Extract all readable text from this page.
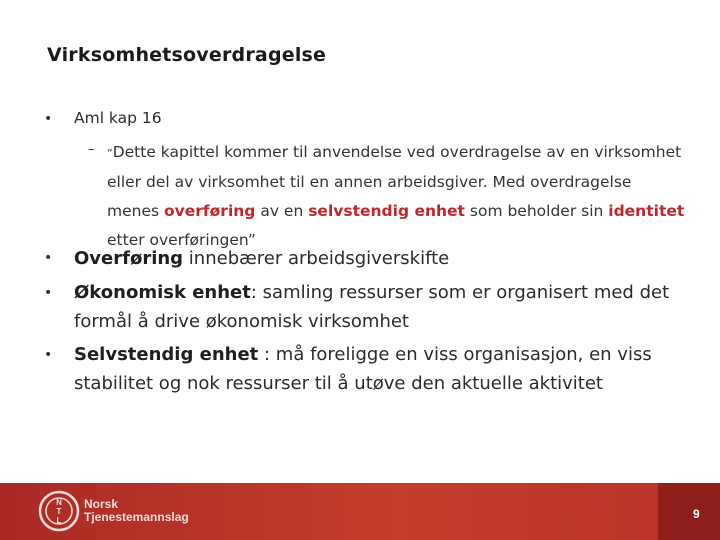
Virksomhetsoverdragelse
• Aml kap 16
– ”Dette kapittel kommer til anvendelse ved overdragelse av en virksomhet eller del av virksomhet til en annen arbeidsgiver. Med overdragelse menes overføring av en selvstendig enhet som beholder sin identitet etter overføringen”
• Overføring innebærer arbeidsgiverskifte
• Økonomisk enhet: samling ressurser som er organisert med det formål å drive økonomisk virksomhet
• Selvstendig enhet : må foreligge en viss organisasjon, en viss stabilitet og nok ressurser til å utøve den aktuelle aktivitet
N
T
L
Norsk
Tjenestemannslag	9
